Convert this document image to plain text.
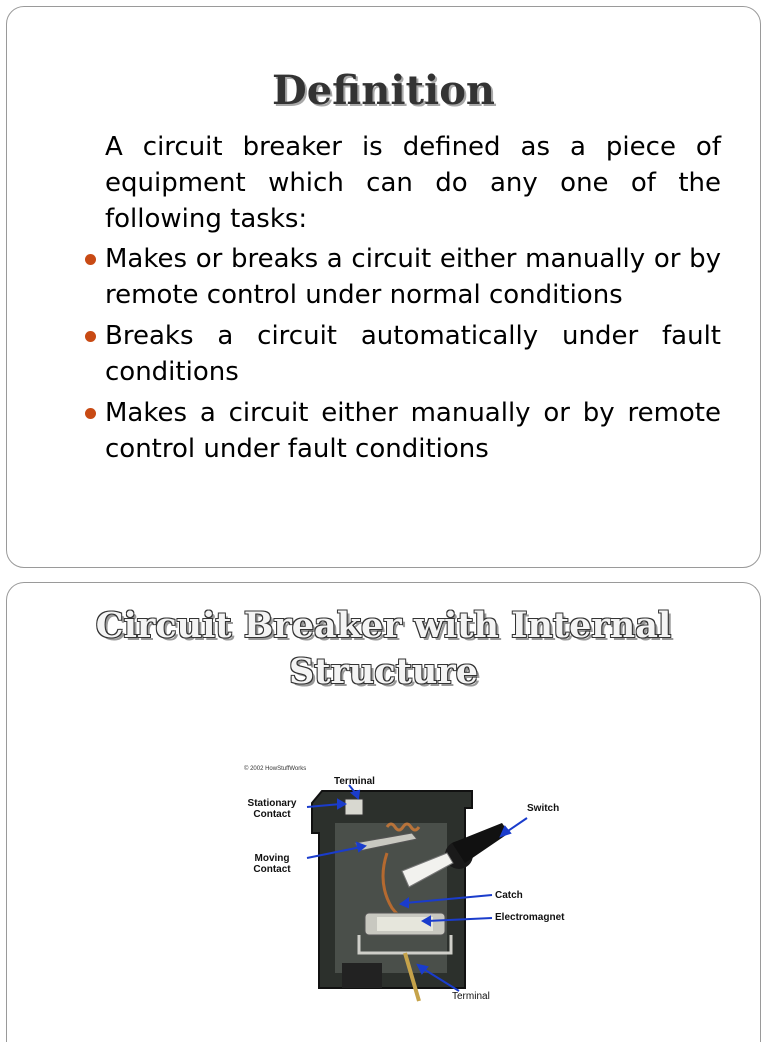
Definition

A circuit breaker is defined as a piece of equipment which can do any one of the following tasks:

Makes or breaks a circuit either manually or by remote control under normal conditions
Breaks a circuit automatically under fault conditions
Makes a circuit either manually or by remote control under fault conditions
Circuit Breaker with Internal Structure
© 2002 HowStuffWorks
Terminal
Stationary Contact
Switch
Moving Contact
Catch
Electromagnet
Terminal
